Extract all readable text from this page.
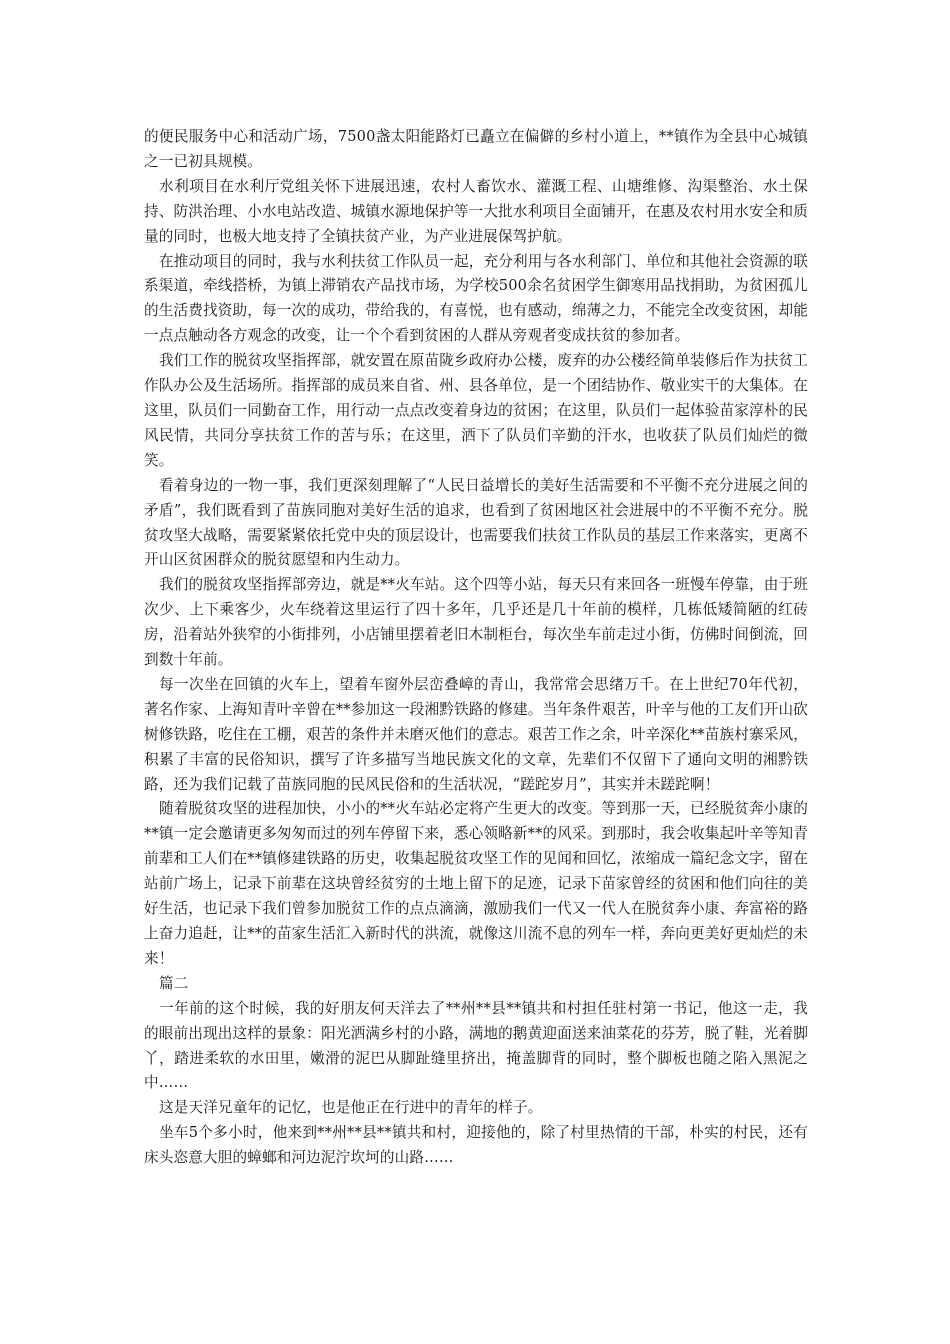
的便民服务中心和活动广场，7500盏太阳能路灯已矗立在偏僻的乡村小道上，**镇作为全县中心城镇之一已初具规模。

水利项目在水利厅党组关怀下进展迅速，农村人畜饮水、灌溉工程、山塘维修、沟渠整治、水土保持、防洪治理、小水电站改造、城镇水源地保护等一大批水利项目全面铺开，在惠及农村用水安全和质量的同时，也极大地支持了全镇扶贫产业，为产业进展保驾护航。

在推动项目的同时，我与水利扶贫工作队员一起，充分利用与各水利部门、单位和其他社会资源的联系渠道，牵线搭桥，为镇上滞销农产品找市场，为学校500余名贫困学生御寒用品找捐助，为贫困孤儿的生活费找资助，每一次的成功，带给我的，有喜悦，也有感动，绵薄之力，不能完全改变贫困，却能一点点触动各方观念的改变，让一个个看到贫困的人群从旁观者变成扶贫的参加者。

我们工作的脱贫攻坚指挥部，就安置在原苗陇乡政府办公楼，废弃的办公楼经简单装修后作为扶贫工作队办公及生活场所。指挥部的成员来自省、州、县各单位，是一个团结协作、敬业实干的大集体。在这里，队员们一同勤奋工作，用行动一点点改变着身边的贫困；在这里，队员们一起体验苗家淳朴的民风民情，共同分享扶贫工作的苦与乐；在这里，洒下了队员们辛勤的汗水，也收获了队员们灿烂的微笑。

看着身边的一物一事，我们更深刻理解了“人民日益增长的美好生活需要和不平衡不充分进展之间的矛盾”，我们既看到了苗族同胞对美好生活的追求，也看到了贫困地区社会进展中的不平衡不充分。脱贫攻坚大战略，需要紧紧依托党中央的顶层设计，也需要我们扶贫工作队员的基层工作来落实，更离不开山区贫困群众的脱贫愿望和内生动力。

我们的脱贫攻坚指挥部旁边，就是**火车站。这个四等小站，每天只有来回各一班慢车停靠，由于班次少、上下乘客少，火车绕着这里运行了四十多年，几乎还是几十年前的模样，几栋低矮简陋的红砖房，沿着站外狭窄的小街排列，小店铺里摆着老旧木制柜台，每次坐车前走过小街，仿佛时间倒流，回到数十年前。

每一次坐在回镇的火车上，望着车窗外层峦叠嶂的青山，我常常会思绪万千。在上世纪70年代初，著名作家、上海知青叶辛曾在**参加这一段湘黔铁路的修建。当年条件艰苦，叶辛与他的工友们开山砍树修铁路，吃住在工棚，艰苦的条件并未磨灭他们的意志。艰苦工作之余，叶辛深化**苗族村寨采风，积累了丰富的民俗知识，撰写了许多描写当地民族文化的文章，先辈们不仅留下了通向文明的湘黔铁路，还为我们记载了苗族同胞的民风民俗和的生活状况，“蹉跎岁月”，其实并未蹉跎啊！

随着脱贫攻坚的进程加快，小小的**火车站必定将产生更大的改变。等到那一天，已经脱贫奔小康的**镇一定会邀请更多匆匆而过的列车停留下来，悉心领略新**的风采。到那时，我会收集起叶辛等知青前辈和工人们在**镇修建铁路的历史，收集起脱贫攻坚工作的见闻和回忆，浓缩成一篇纪念文字，留在站前广场上，记录下前辈在这块曾经贫穷的土地上留下的足迹，记录下苗家曾经的贫困和他们向往的美好生活，也记录下我们曾参加脱贫工作的点点滴滴，激励我们一代又一代人在脱贫奔小康、奔富裕的路上奋力追赶，让**的苗家生活汇入新时代的洪流，就像这川流不息的列车一样，奔向更美好更灿烂的未来！

篇二

一年前的这个时候，我的好朋友何天洋去了**州**县**镇共和村担任驻村第一书记，他这一走，我的眼前出现出这样的景象：阳光洒满乡村的小路，满地的鹅黄迎面送来油菜花的芬芳，脱了鞋，光着脚丫，踏进柔软的水田里，嫩滑的泥巴从脚趾缝里挤出，掩盖脚背的同时，整个脚板也随之陷入黑泥之中……

这是天洋兄童年的记忆，也是他正在行进中的青年的样子。

坐车5个多小时，他来到**州**县**镇共和村，迎接他的，除了村里热情的干部，朴实的村民，还有床头恣意大胆的蟑螂和河边泥泞坎坷的山路……
